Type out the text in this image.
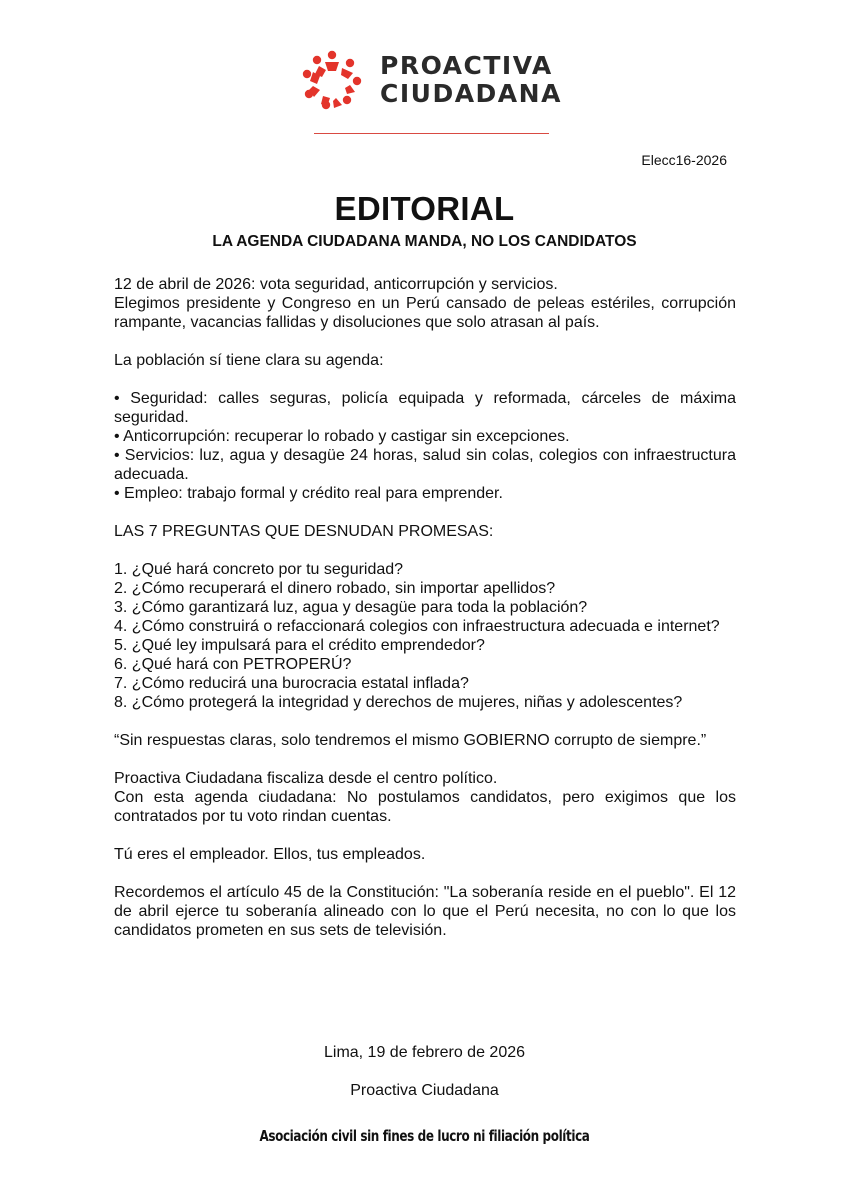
PROACTIVA
CIUDADANA
Elecc16-2026
EDITORIAL
LA AGENDA CIUDADANA MANDA, NO LOS CANDIDATOS

12 de abril de 2026: vota seguridad, anticorrupción y servicios.

Elegimos presidente y Congreso en un Perú cansado de peleas estériles, corrupción rampante, vacancias fallidas y disoluciones que solo atrasan al país.

La población sí tiene clara su agenda:

• Seguridad: calles seguras, policía equipada y reformada, cárceles de máxima seguridad.

• Anticorrupción: recuperar lo robado y castigar sin excepciones.

• Servicios: luz, agua y desagüe 24 horas, salud sin colas, colegios con infraestructura adecuada.

• Empleo: trabajo formal y crédito real para emprender.

LAS 7 PREGUNTAS QUE DESNUDAN PROMESAS:

1. ¿Qué hará concreto por tu seguridad?

2. ¿Cómo recuperará el dinero robado, sin importar apellidos?

3. ¿Cómo garantizará luz, agua y desagüe para toda la población?

4. ¿Cómo construirá o refaccionará colegios con infraestructura adecuada e internet?

5. ¿Qué ley impulsará para el crédito emprendedor?

6. ¿Qué hará con PETROPERÚ?

7. ¿Cómo reducirá una burocracia estatal inflada?

8. ¿Cómo protegerá la integridad y derechos de mujeres, niñas y adolescentes?

“Sin respuestas claras, solo tendremos el mismo GOBIERNO corrupto de siempre.”

Proactiva Ciudadana fiscaliza desde el centro político.

Con esta agenda ciudadana: No postulamos candidatos, pero exigimos que los contratados por tu voto rindan cuentas.

Tú eres el empleador. Ellos, tus empleados.

Recordemos el artículo 45 de la Constitución: "La soberanía reside en el pueblo". El 12 de abril ejerce tu soberanía alineado con lo que el Perú necesita, no con lo que los candidatos prometen en sus sets de televisión.

Lima, 19 de febrero de 2026
Proactiva Ciudadana
Asociación civil sin fines de lucro ni filiación política
